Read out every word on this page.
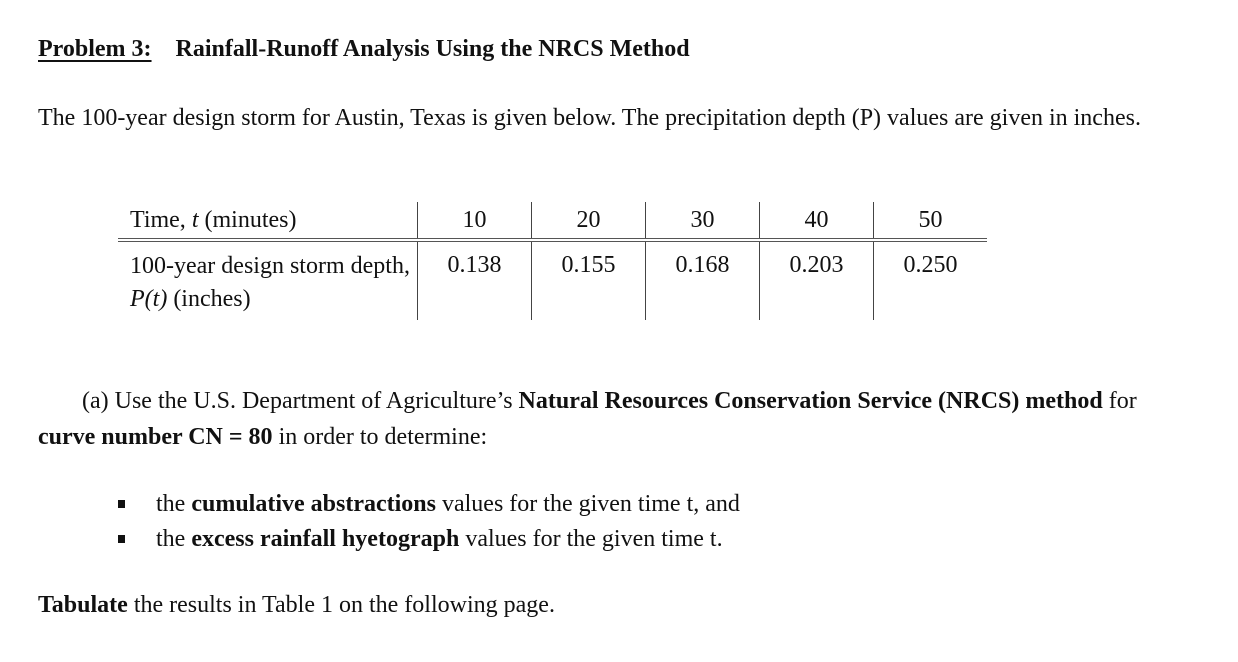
Problem 3: Rainfall-Runoff Analysis Using the NRCS Method
The 100-year design storm for Austin, Texas is given below. The precipitation depth (P) values are given in inches.
Time, t (minutes)	10	20	30	40	50
100-year design storm depth, P(t) (inches)	0.138	0.155	0.168	0.203	0.250
(a) Use the U.S. Department of Agriculture’s Natural Resources Conservation Service (NRCS) method for curve number CN = 80 in order to determine:
the cumulative abstractions values for the given time t, and
the excess rainfall hyetograph values for the given time t.
Tabulate the results in Table 1 on the following page.
